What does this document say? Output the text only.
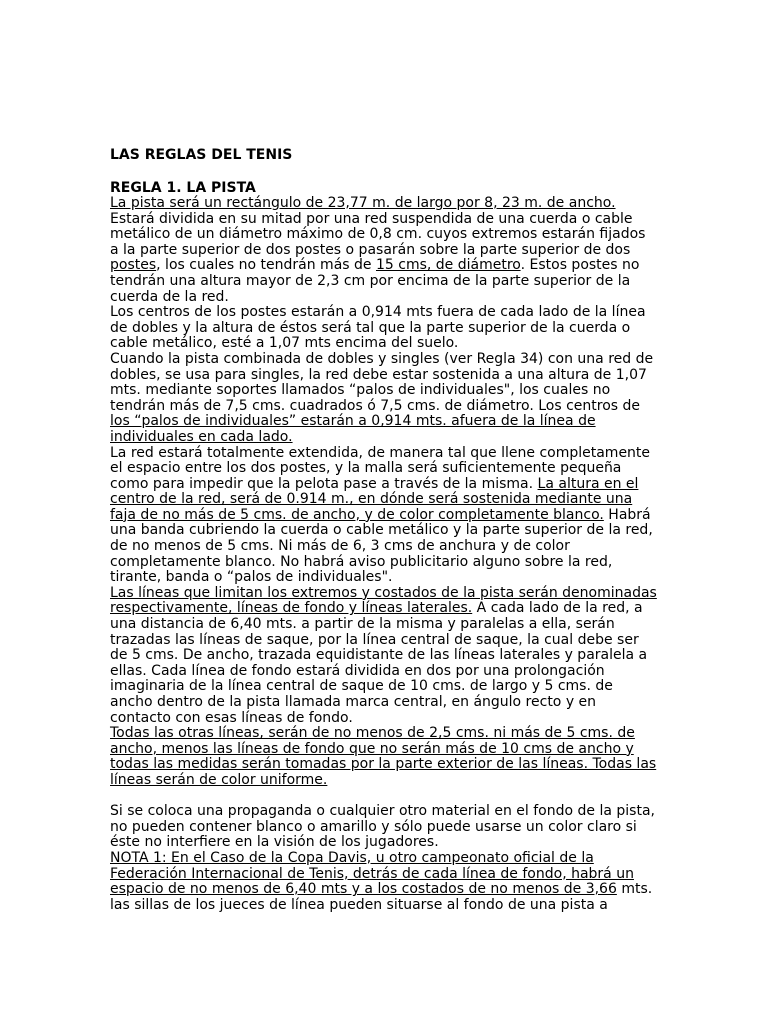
LAS REGLAS DEL TENIS
REGLA 1. LA PISTA

La pista será un rectángulo de 23,77 m. de largo por 8, 23 m. de ancho. Estará dividida en su mitad por una red suspendida de una cuerda o cable metálico de un diámetro máximo de 0,8 cm. cuyos extremos estarán fijados a la parte superior de dos postes o pasarán sobre la parte superior de dos postes, los cuales no tendrán más de 15 cms, de diámetro. Estos postes no tendrán una altura mayor de 2,3 cm por encima de la parte superior de la cuerda de la red.

Los centros de los postes estarán a 0,914 mts fuera de cada lado de la línea de dobles y la altura de éstos será tal que la parte superior de la cuerda o cable metálico, esté a 1,07 mts encima del suelo.

Cuando la pista combinada de dobles y singles (ver Regla 34) con una red de dobles, se usa para singles, la red debe estar sostenida a una altura de 1,07 mts. mediante soportes llamados “palos de individuales", los cuales no tendrán más de 7,5 cms. cuadrados ó 7,5 cms. de diámetro. Los centros de los “palos de individuales” estarán a 0,914 mts. afuera de la línea de individuales en cada lado.

La red estará totalmente extendida, de manera tal que llene completamente el espacio entre los dos postes, y la malla será suficientemente pequeña como para impedir que la pelota pase a través de la misma. La altura en el centro de la red, será de 0.914 m., en dónde será sostenida mediante una faja de no más de 5 cms. de ancho, y de color completamente blanco. Habrá una banda cubriendo la cuerda o cable metálico y la parte superior de la red, de no menos de 5 cms. Ni más de 6, 3 cms de anchura y de color completamente blanco. No habrá aviso publicitario alguno sobre la red, tirante, banda o “palos de individuales".

Las líneas que limitan los extremos y costados de la pista serán denominadas respectivamente, líneas de fondo y líneas laterales. A cada lado de la red, a una distancia de 6,40 mts. a partir de la misma y paralelas a ella, serán trazadas las líneas de saque, por la línea central de saque, la cual debe ser de 5 cms. De ancho, trazada equidistante de las líneas laterales y paralela a ellas. Cada línea de fondo estará dividida en dos por una prolongación imaginaria de la línea central de saque de 10 cms. de largo y 5 cms. de ancho dentro de la pista llamada marca central, en ángulo recto y en contacto con esas líneas de fondo.

Todas las otras líneas, serán de no menos de 2,5 cms. ni más de 5 cms. de ancho, menos las líneas de fondo que no serán más de 10 cms de ancho y todas las medidas serán tomadas por la parte exterior de las líneas. Todas las líneas serán de color uniforme.

Si se coloca una propaganda o cualquier otro material en el fondo de la pista, no pueden contener blanco o amarillo y sólo puede usarse un color claro si éste no interfiere en la visión de los jugadores.

NOTA 1: En el Caso de la Copa Davis, u otro campeonato oficial de la Federación Internacional de Tenis, detrás de cada línea de fondo, habrá un espacio de no menos de 6,40 mts y a los costados de no menos de 3,66 mts. las sillas de los jueces de línea pueden situarse al fondo de una pista a
